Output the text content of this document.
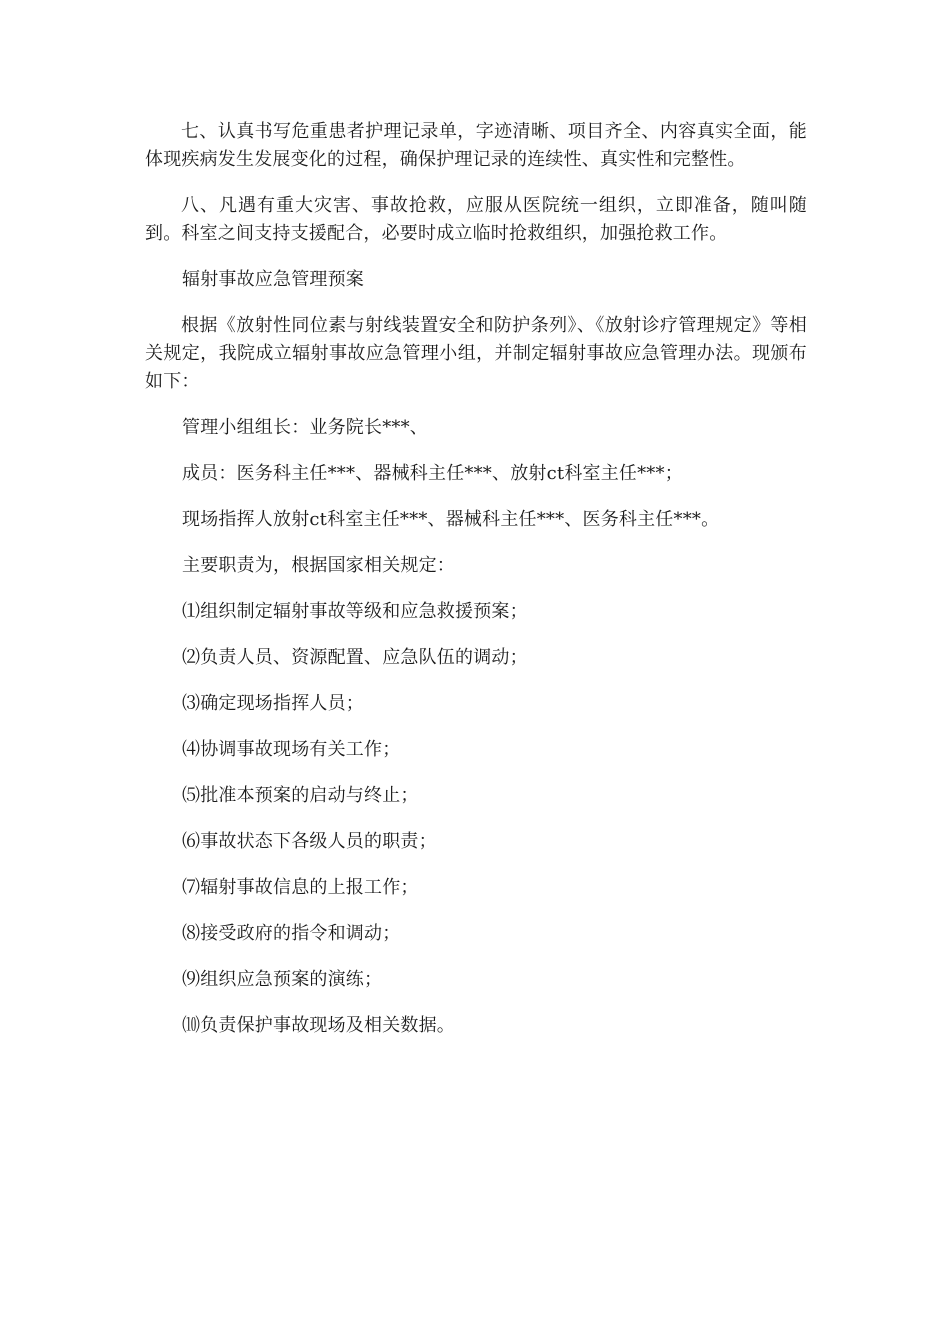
七、认真书写危重患者护理记录单，字迹清晰、项目齐全、内容真实全面，能体现疾病发生发展变化的过程，确保护理记录的连续性、真实性和完整性。

八、凡遇有重大灾害、事故抢救，应服从医院统一组织，立即准备，随叫随到。科室之间支持支援配合，必要时成立临时抢救组织，加强抢救工作。

辐射事故应急管理预案

根据《放射性同位素与射线装置安全和防护条列》、《放射诊疗管理规定》等相关规定，我院成立辐射事故应急管理小组，并制定辐射事故应急管理办法。现颁布如下：

管理小组组长：业务院长***、

成员：医务科主任***、器械科主任***、放射ct科室主任***；

现场指挥人放射ct科室主任***、器械科主任***、医务科主任***。

主要职责为，根据国家相关规定：

⑴组织制定辐射事故等级和应急救援预案；

⑵负责人员、资源配置、应急队伍的调动；

⑶确定现场指挥人员；

⑷协调事故现场有关工作；

⑸批准本预案的启动与终止；

⑹事故状态下各级人员的职责；

⑺辐射事故信息的上报工作；

⑻接受政府的指令和调动；

⑼组织应急预案的演练；

⑽负责保护事故现场及相关数据。
